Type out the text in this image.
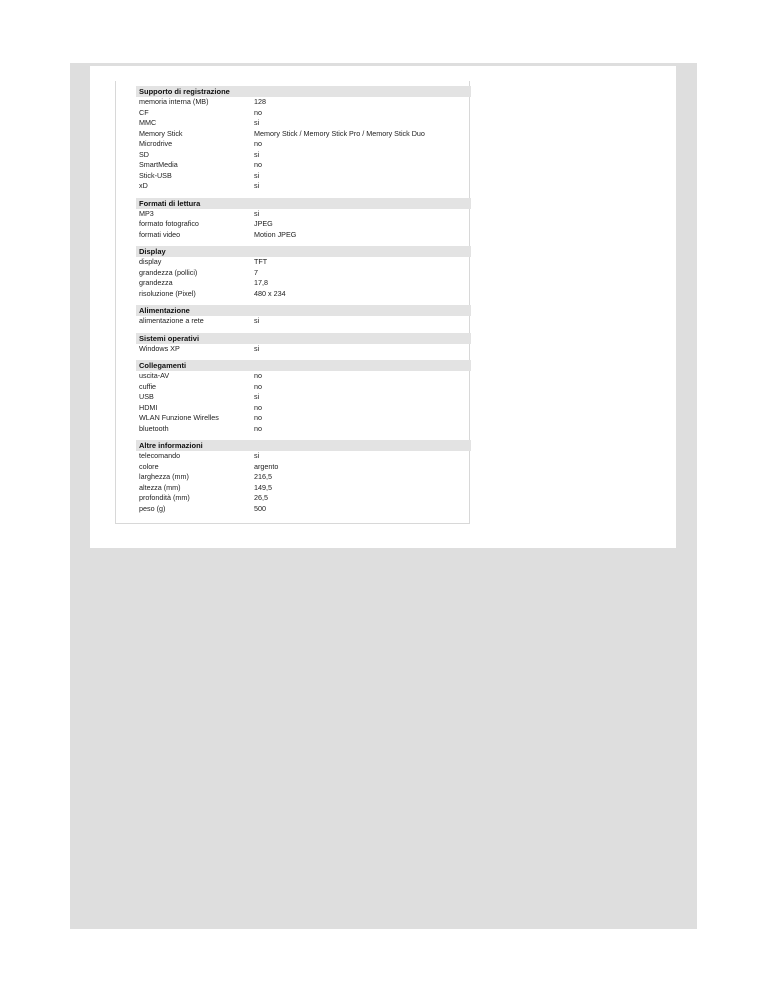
Supporto di registrazione
memoria interna (MB)	128
CF	no
MMC	si
Memory Stick	Memory Stick / Memory Stick Pro / Memory Stick Duo
Microdrive	no
SD	si
SmartMedia	no
Stick-USB	si
xD	si
Formati di lettura
MP3	si
formato fotografico	JPEG
formati video	Motion JPEG
Display
display	TFT
grandezza (pollici)	7
grandezza	17,8
risoluzione (Pixel)	480 x 234
Alimentazione
alimentazione a rete	si
Sistemi operativi
Windows XP	si
Collegamenti
uscita-AV	no
cuffie	no
USB	si
HDMI	no
WLAN Funzione Wirelles	no
bluetooth	no
Altre informazioni
telecomando	si
colore	argento
larghezza (mm)	216,5
altezza (mm)	149,5
profondità (mm)	26,5
peso (g)	500
